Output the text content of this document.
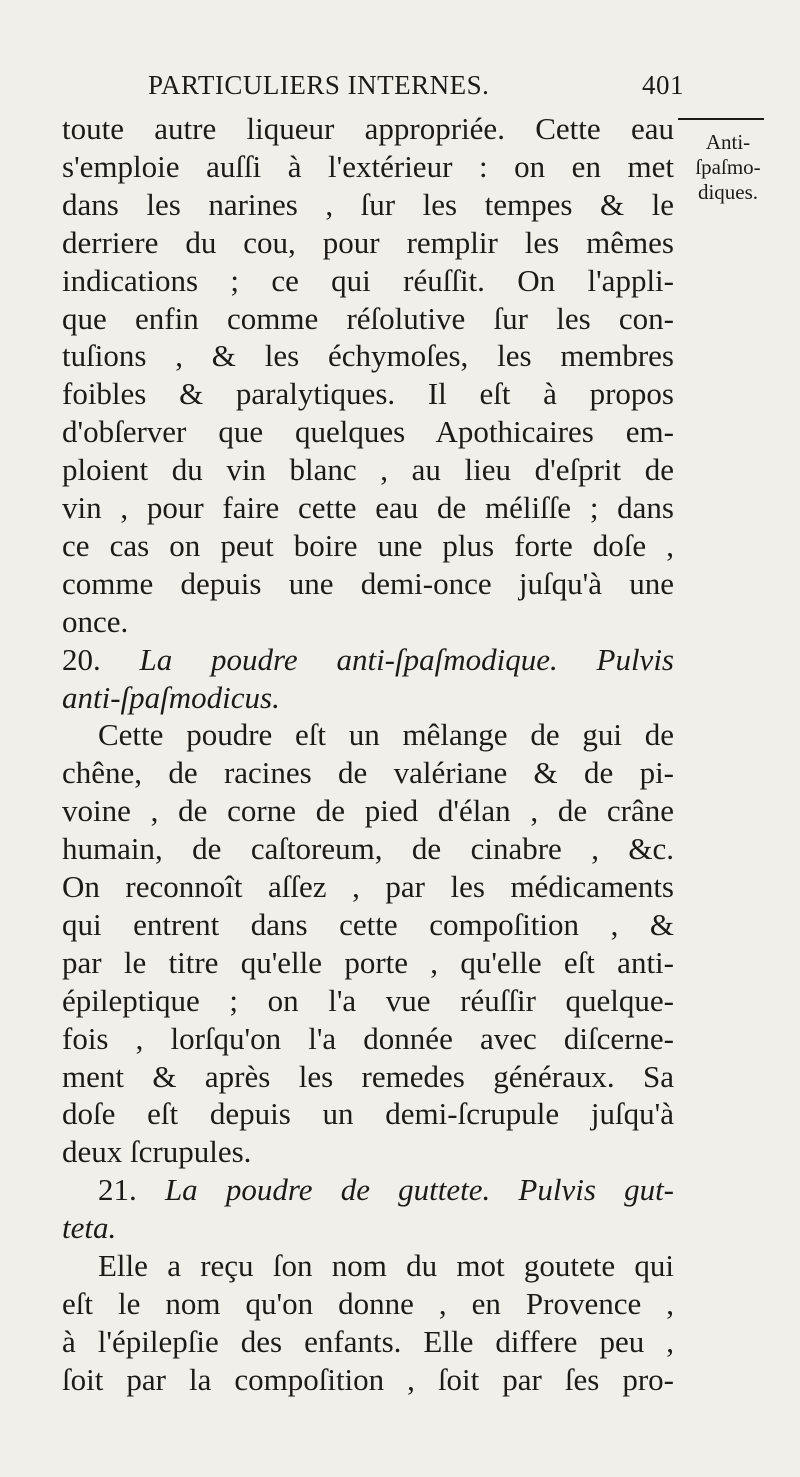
PARTICULIERS INTERNES.	401
Anti-
ſpaſmo-
diques.
toute autre liqueur appropriée. Cette eau
s'emploie auſſi à l'extérieur : on en met
dans les narines , ſur les tempes & le
derriere du cou, pour remplir les mêmes
indications ; ce qui réuſſit. On l'appli-
que enfin comme réſolutive ſur les con-
tuſions , & les échymoſes, les membres
foibles & paralytiques. Il eſt à propos
d'obſerver que quelques Apothicaires em-
ploient du vin blanc , au lieu d'eſprit de
vin , pour faire cette eau de méliſſe ; dans
ce cas on peut boire une plus forte doſe ,
comme depuis une demi-once juſqu'à une
once.
20. La poudre anti-ſpaſmodique. Pulvis
anti-ſpaſmodicus.
Cette poudre eſt un mêlange de gui de
chêne, de racines de valériane & de pi-
voine , de corne de pied d'élan , de crâne
humain, de caſtoreum, de cinabre , &c.
On reconnoît aſſez , par les médicaments
qui entrent dans cette compoſition , &
par le titre qu'elle porte , qu'elle eſt anti-
épileptique ; on l'a vue réuſſir quelque-
fois , lorſqu'on l'a donnée avec diſcerne-
ment & après les remedes généraux. Sa
doſe eſt depuis un demi-ſcrupule juſqu'à
deux ſcrupules.
21. La poudre de guttete. Pulvis gut-
teta.
Elle a reçu ſon nom du mot goutete qui
eſt le nom qu'on donne , en Provence ,
à l'épilepſie des enfants. Elle differe peu ,
ſoit par la compoſition , ſoit par ſes pro-
